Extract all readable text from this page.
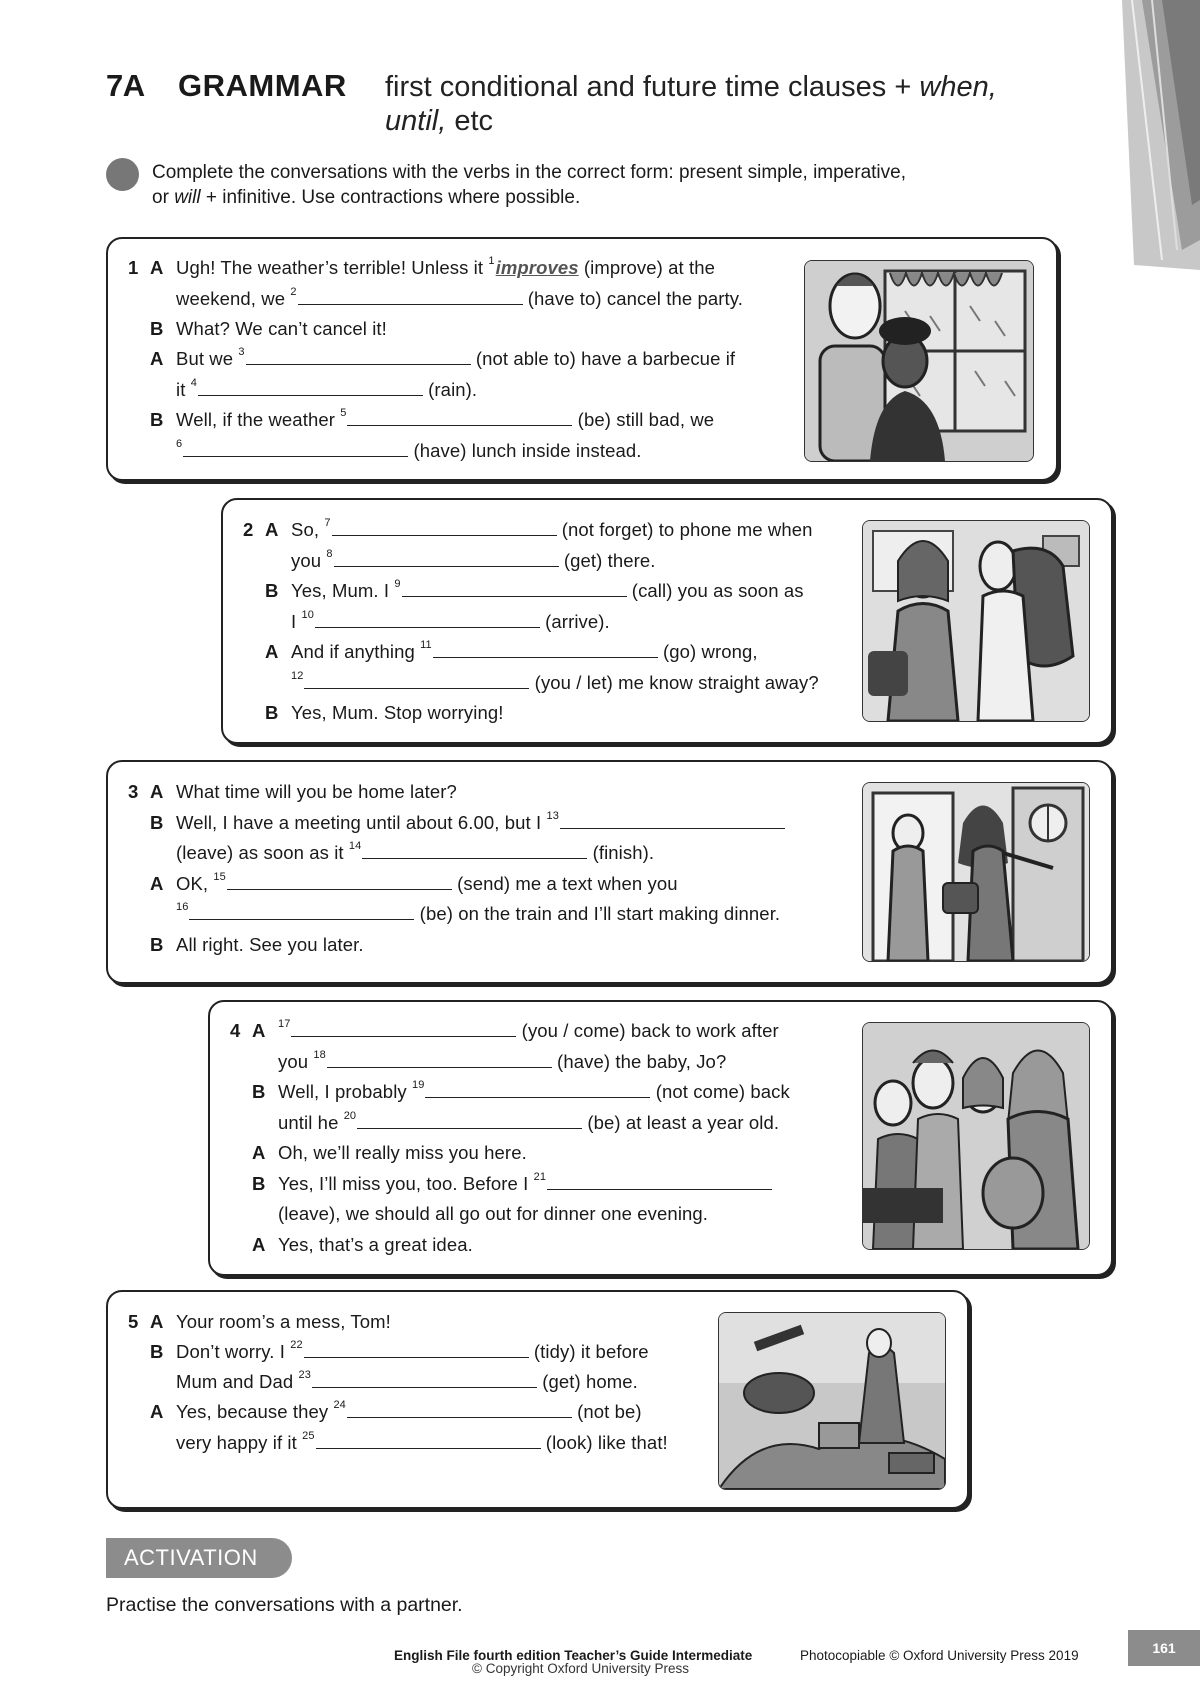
7A GRAMMAR first conditional and future time clauses + when,
until, etc
Complete the conversations with the verbs in the correct form: present simple, imperative,
or will + infinitive. Use contractions where possible.
1 A Ugh! The weather’s terrible! Unless it $^1$improves (improve) at the
weekend, we $^2$	(have to) cancel the party.
B What? We can’t cancel it!
A But we $^3$	(not able to) have a barbecue if
it $^4$	(rain).
B Well, if the weather $^5$	(be) still bad, we
$^6$	(have) lunch inside instead.
2 A So, $^7$	(not forget) to phone me when
you $^8$	(get) there.
B Yes, Mum. I $^9$	(call) you as soon as
I $^{10}$	(arrive).
A And if anything $^{11}$	(go) wrong,
$^{12}$	(you / let) me know straight away?
B Yes, Mum. Stop worrying!
3 A What time will you be home later?
B Well, I have a meeting until about 6.00, but I $^{13}$
(leave) as soon as it $^{14}$	(finish).
A OK, $^{15}$	(send) me a text when you
$^{16}$	(be) on the train and I’ll start making dinner.
B All right. See you later.
4 A $^{17}$	(you / come) back to work after
you $^{18}$	(have) the baby, Jo?
B Well, I probably $^{19}$	(not come) back
until he $^{20}$	(be) at least a year old.
A Oh, we’ll really miss you here.
B Yes, I’ll miss you, too. Before I $^{21}$
(leave), we should all go out for dinner one evening.
A Yes, that’s a great idea.
5 A Your room’s a mess, Tom!
B Don’t worry. I $^{22}$	(tidy) it before
Mum and Dad $^{23}$	(get) home.
A Yes, because they $^{24}$	(not be)
very happy if it $^{25}$	(look) like that!
ACTIVATION
Practise the conversations with a partner.
English File fourth edition Teacher’s Guide Intermediate	Photocopiable © Oxford University Press 2019
© Copyright Oxford University Press
161
